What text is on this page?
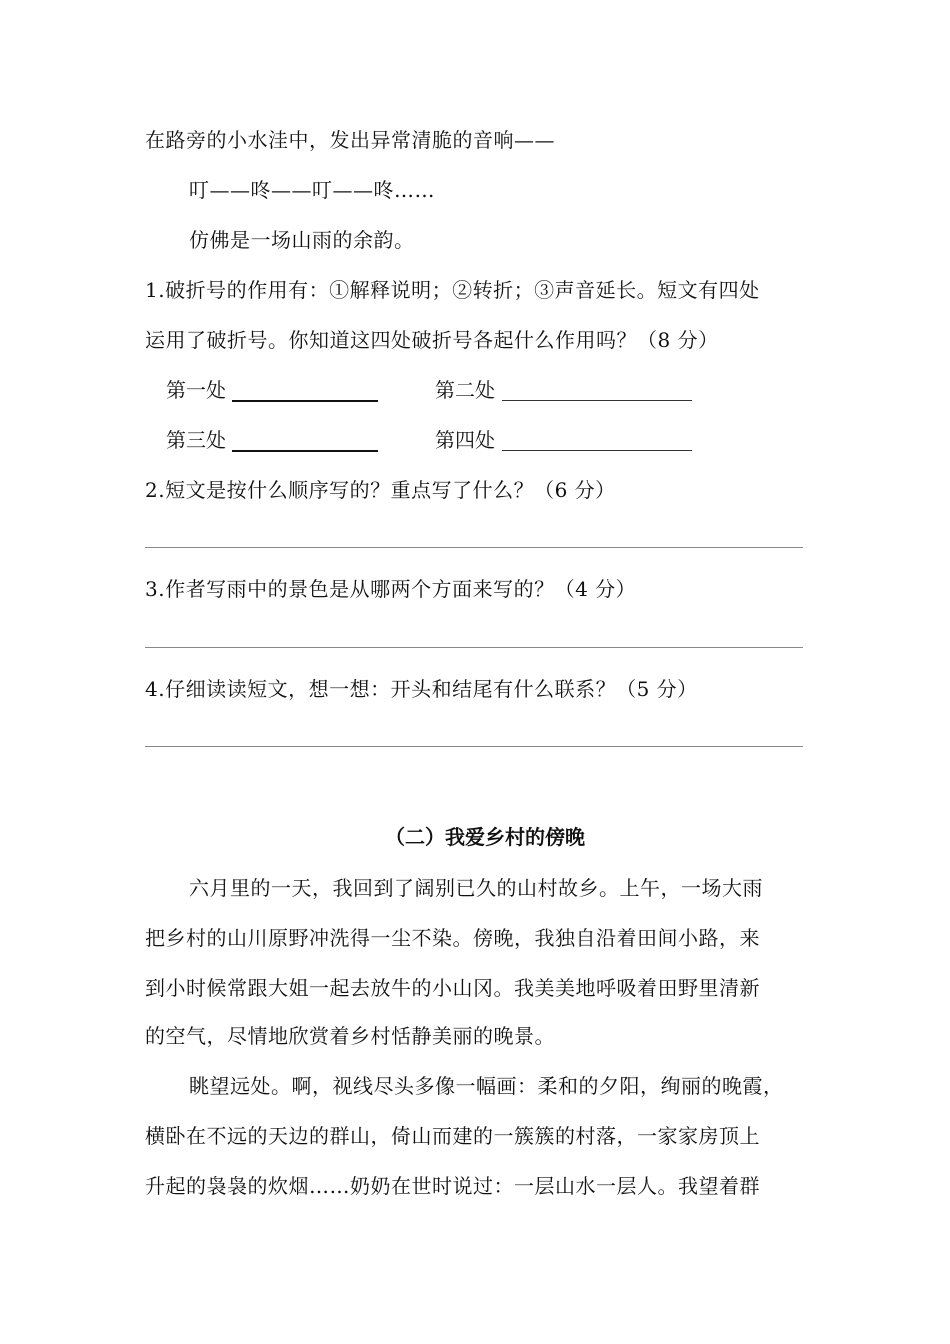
在路旁的小水洼中，发出异常清脆的音响——
叮——咚——叮——咚……
仿佛是一场山雨的余韵。
1.破折号的作用有：①解释说明；②转折；③声音延长。短文有四处
运用了破折号。你知道这四处破折号各起什么作用吗？（8 分）
第一处	第二处
第三处	第四处
2.短文是按什么顺序写的？重点写了什么？（6 分）
3.作者写雨中的景色是从哪两个方面来写的？（4 分）
4.仔细读读短文，想一想：开头和结尾有什么联系？（5 分）
（二）我爱乡村的傍晚
六月里的一天，我回到了阔别已久的山村故乡。上午，一场大雨
把乡村的山川原野冲洗得一尘不染。傍晚，我独自沿着田间小路，来
到小时候常跟大姐一起去放牛的小山冈。我美美地呼吸着田野里清新
的空气，尽情地欣赏着乡村恬静美丽的晚景。
眺望远处。啊，视线尽头多像一幅画：柔和的夕阳，绚丽的晚霞，
横卧在不远的天边的群山，倚山而建的一簇簇的村落，一家家房顶上
升起的袅袅的炊烟……奶奶在世时说过：一层山水一层人。我望着群
